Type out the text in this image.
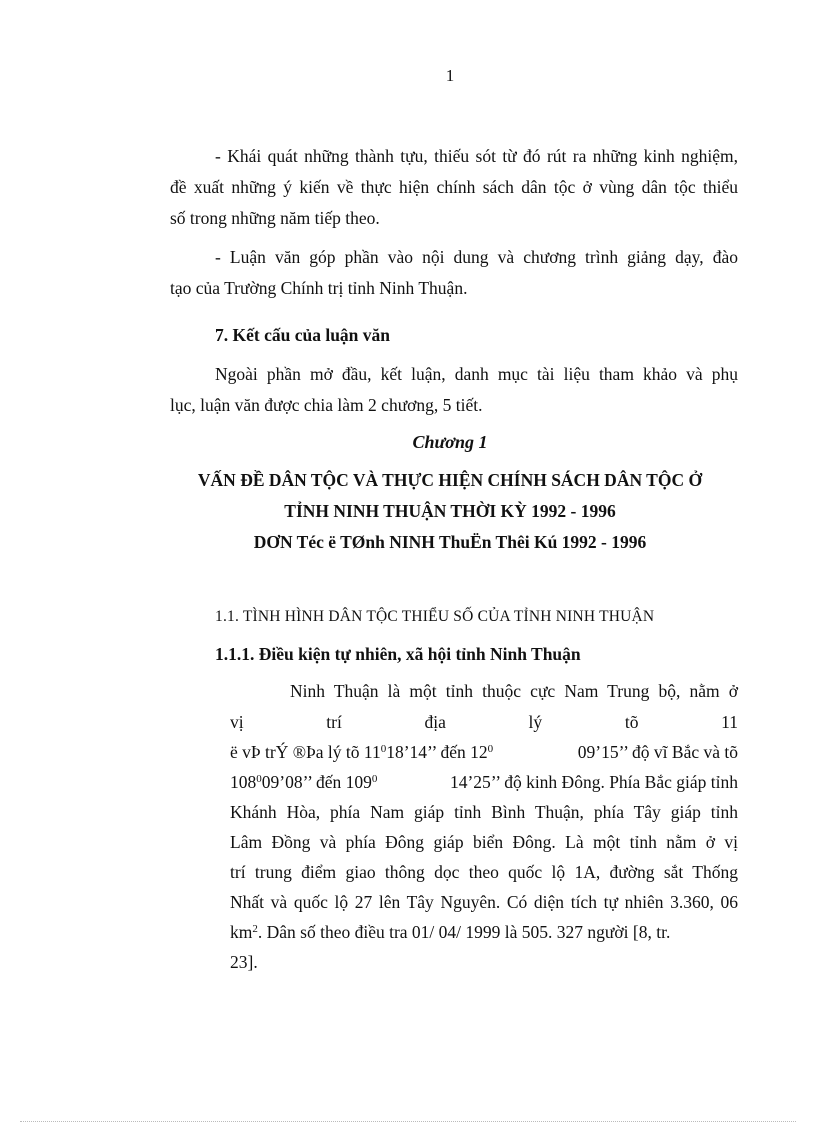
1
- Khái quát những thành tựu, thiếu sót từ đó rút ra những kinh nghiệm,
đề xuất những ý kiến về thực hiện chính sách dân tộc ở vùng dân tộc thiểu
số trong những năm tiếp theo.
- Luận văn góp phần vào nội dung và chương trình giảng dạy, đào
tạo của Trường Chính trị tỉnh Ninh Thuận.
7. Kết cấu của luận văn
Ngoài phần mở đầu, kết luận, danh mục tài liệu tham khảo và phụ
lục, luận văn được chia làm 2 chương, 5 tiết.
Chương 1
VẤN ĐỀ DÂN TỘC VÀ THỰC HIỆN CHÍNH SÁCH DÂN TỘC Ở
TỈNH NINH THUẬN THỜI KỲ 1992 - 1996
DƠN Téc ë TØnh NINH ThuËn Thêi Kú 1992 - 1996
1.1. TÌNH HÌNH DÂN TỘC THIỂU SỐ CỦA TỈNH NINH THUẬN
1.1.1. Điều kiện tự nhiên, xã hội tỉnh Ninh Thuận
Ninh Thuận là một tỉnh thuộc cực Nam Trung bộ, nằm ở
vị	trí	địa	lý	tõ	11
ë vÞ trÝ ®Þa lý tõ $11^018’14$’’ đến $12^0$	09’15’’ độ vĩ Bắc và tõ
$108^009’08$’’ đến $109^0$	14’25’’ độ kinh Đông. Phía Bắc giáp tỉnh
Khánh Hòa, phía Nam giáp tỉnh Bình Thuận, phía Tây giáp tỉnh
Lâm Đồng và phía Đông giáp biển Đông. Là một tỉnh nằm ở vị
trí trung điểm giao thông dọc theo quốc lộ 1A, đường sắt Thống
Nhất và quốc lộ 27 lên Tây Nguyên. Có diện tích tự nhiên 3.360, 06
$km^2$. Dân số theo điều tra 01/ 04/ 1999 là 505. 327 người [8, tr.
23].
